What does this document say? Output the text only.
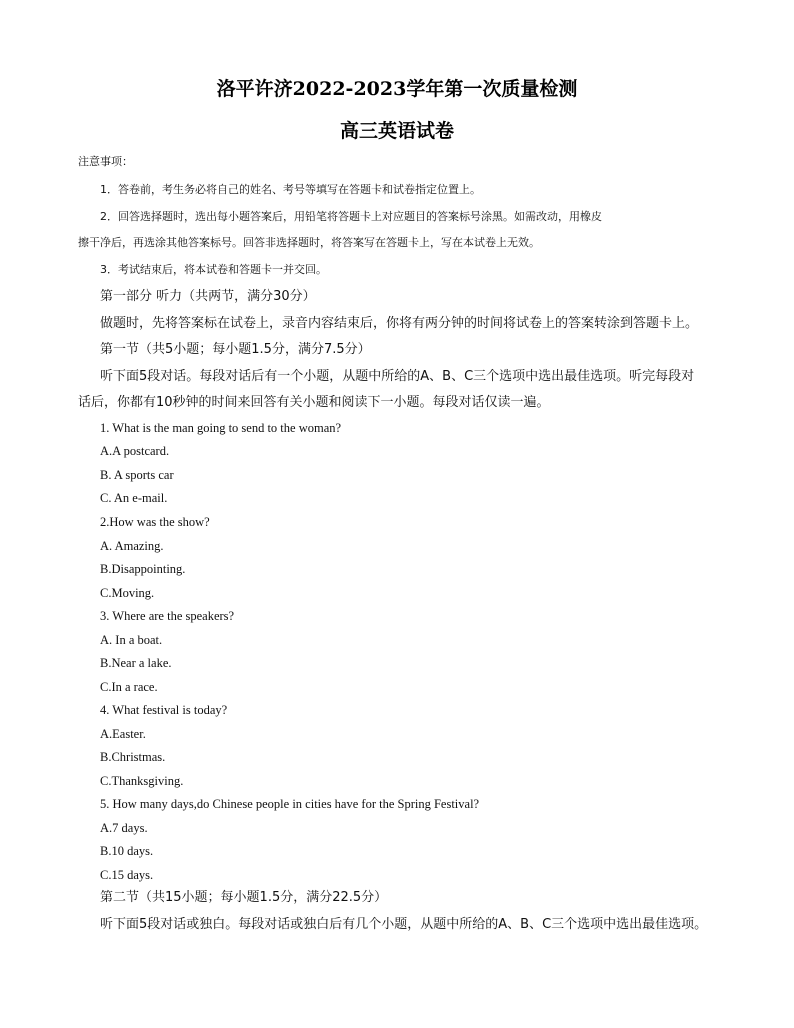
洛平许济2022-2023学年第一次质量检测
高三英语试卷
注意事项：
1．答卷前，考生务必将自己的姓名、考号等填写在答题卡和试卷指定位置上。
2．回答选择题时，选出每小题答案后，用铅笔将答题卡上对应题目的答案标号涂黑。如需改动，用橡皮
擦干净后，再选涂其他答案标号。回答非选择题时，将答案写在答题卡上，写在本试卷上无效。
3．考试结束后，将本试卷和答题卡一并交回。
第一部分 听力（共两节，满分30分）
做题时，先将答案标在试卷上，录音内容结束后，你将有两分钟的时间将试卷上的答案转涂到答题卡上。
第一节（共5小题；每小题1.5分，满分7.5分）
听下面5段对话。每段对话后有一个小题，从题中所给的A、B、C三个选项中选出最佳选项。听完每段对
话后，你都有10秒钟的时间来回答有关小题和阅读下一小题。每段对话仅读一遍。
1. What is the man going to send to the woman?
A.A postcard.
B. A sports car
C. An e-mail.
2.How was the show?
A. Amazing.
B.Disappointing.
C.Moving.
3. Where are the speakers?
A. In a boat.
B.Near a lake.
C.In a race.
4. What festival is today?
A.Easter.
B.Christmas.
C.Thanksgiving.
5. How many days,do Chinese people in cities have for the Spring Festival?
A.7 days.
B.10 days.
C.15 days.
第二节（共15小题；每小题1.5分，满分22.5分）
听下面5段对话或独白。每段对话或独白后有几个小题，从题中所给的A、B、C三个选项中选出最佳选项。
